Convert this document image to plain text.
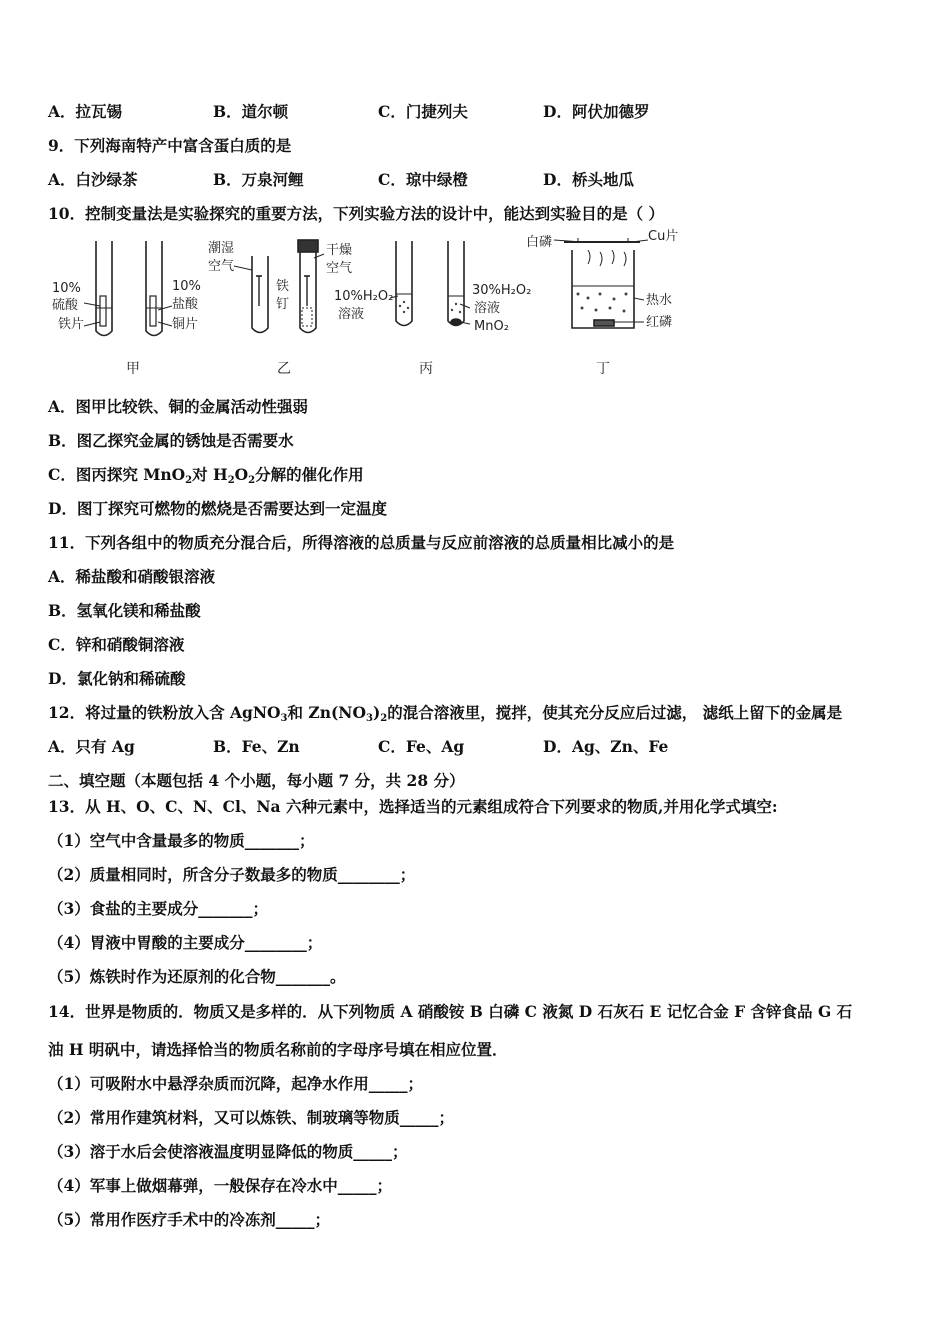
A．拉瓦锡	B．道尔顿	C．门捷列夫	D．阿伏加德罗
9．下列海南特产中富含蛋白质的是
A．白沙绿茶	B．万泉河鲤	C．琼中绿橙	D．桥头地瓜
10．控制变量法是实验探究的重要方法，下列实验方法的设计中，能达到实验目的是（ ）
10%
硫酸
铁片
10%
盐酸
铜片
甲
潮湿
空气
铁
钉
干燥
空气
乙
10%H₂O₂
溶液
30%H₂O₂
溶液
MnO₂
丙
白磷	Cu片
热水
红磷
丁
A．图甲比较铁、铜的金属活动性强弱
B．图乙探究金属的锈蚀是否需要水
C．图丙探究 MnO$_2$对 $H_2O_2$分解的催化作用
D．图丁探究可燃物的燃烧是否需要达到一定温度
11．下列各组中的物质充分混合后，所得溶液的总质量与反应前溶液的总质量相比减小的是
A．稀盐酸和硝酸银溶液
B．氢氧化镁和稀盐酸
C．锌和硝酸铜溶液
D．氯化钠和稀硫酸
12．将过量的铁粉放入含 AgNO$_3$和 $Zn(NO_3)_2$的混合溶液里，搅拌，使其充分反应后过滤， 滤纸上留下的金属是
A．只有 Ag	B．Fe、Zn	C．Fe、Ag	D．Ag、Zn、Fe
二、填空题（本题包括 4 个小题，每小题 7 分，共 28 分）
13．从 H、O、C、N、Cl、Na 六种元素中，选择适当的元素组成符合下列要求的物质,并用化学式填空:
（1）空气中含量最多的物质_______；
（2）质量相同时，所含分子数最多的物质________；
（3）食盐的主要成分_______；
（4）胃液中胃酸的主要成分________；
（5）炼铁时作为还原剂的化合物_______。
14．世界是物质的．物质又是多样的．从下列物质 A 硝酸铵 B 白磷 C 液氮 D 石灰石 E 记忆合金 F 含锌食品 G 石
油 H 明矾中，请选择恰当的物质名称前的字母序号填在相应位置．
（1）可吸附水中悬浮杂质而沉降，起净水作用_____；
（2）常用作建筑材料，又可以炼铁、制玻璃等物质_____；
（3）溶于水后会使溶液温度明显降低的物质_____；
（4）军事上做烟幕弹，一般保存在冷水中_____；
（5）常用作医疗手术中的冷冻剂_____；
